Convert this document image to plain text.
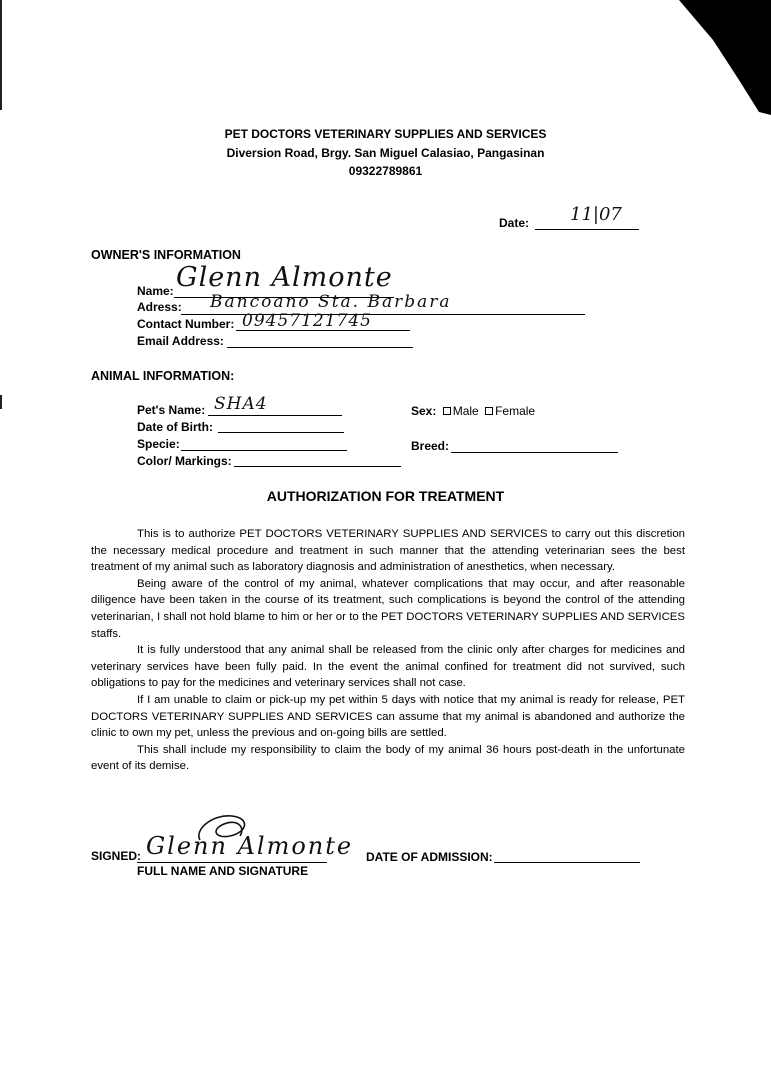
PET DOCTORS VETERINARY SUPPLIES AND SERVICES
Diversion Road, Brgy. San Miguel Calasiao, Pangasinan
09322789861
Date: 11|07
OWNER'S INFORMATION
Name: Glenn Almonte
Adress: Bancoano Sta. Barbara
Contact Number: 09457121745
Email Address:
ANIMAL INFORMATION:
Pet's Name: SHA4	Sex: Male Female
Date of Birth:
Specie:	Breed:
Color/ Markings:
AUTHORIZATION FOR TREATMENT

This is to authorize PET DOCTORS VETERINARY SUPPLIES AND SERVICES to carry out this discretion the necessary medical procedure and treatment in such manner that the attending veterinarian sees the best treatment of my animal such as laboratory diagnosis and administration of anesthetics, when necessary.

Being aware of the control of my animal, whatever complications that may occur, and after reasonable diligence have been taken in the course of its treatment, such complications is beyond the control of the attending veterinarian, I shall not hold blame to him or her or to the PET DOCTORS VETERINARY SUPPLIES AND SERVICES staffs.

It is fully understood that any animal shall be released from the clinic only after charges for medicines and veterinary services have been fully paid. In the event the animal confined for treatment did not survived, such obligations to pay for the medicines and veterinary services shall not case.

If I am unable to claim or pick-up my pet within 5 days with notice that my animal is ready for release, PET DOCTORS VETERINARY SUPPLIES AND SERVICES can assume that my animal is abandoned and authorize the clinic to own my pet, unless the previous and on-going bills are settled.

This shall include my responsibility to claim the body of my animal 36 hours post-death in the unfortunate event of its demise.

SIGNED: Glenn Almonte
FULL NAME AND SIGNATURE
DATE OF ADMISSION:
